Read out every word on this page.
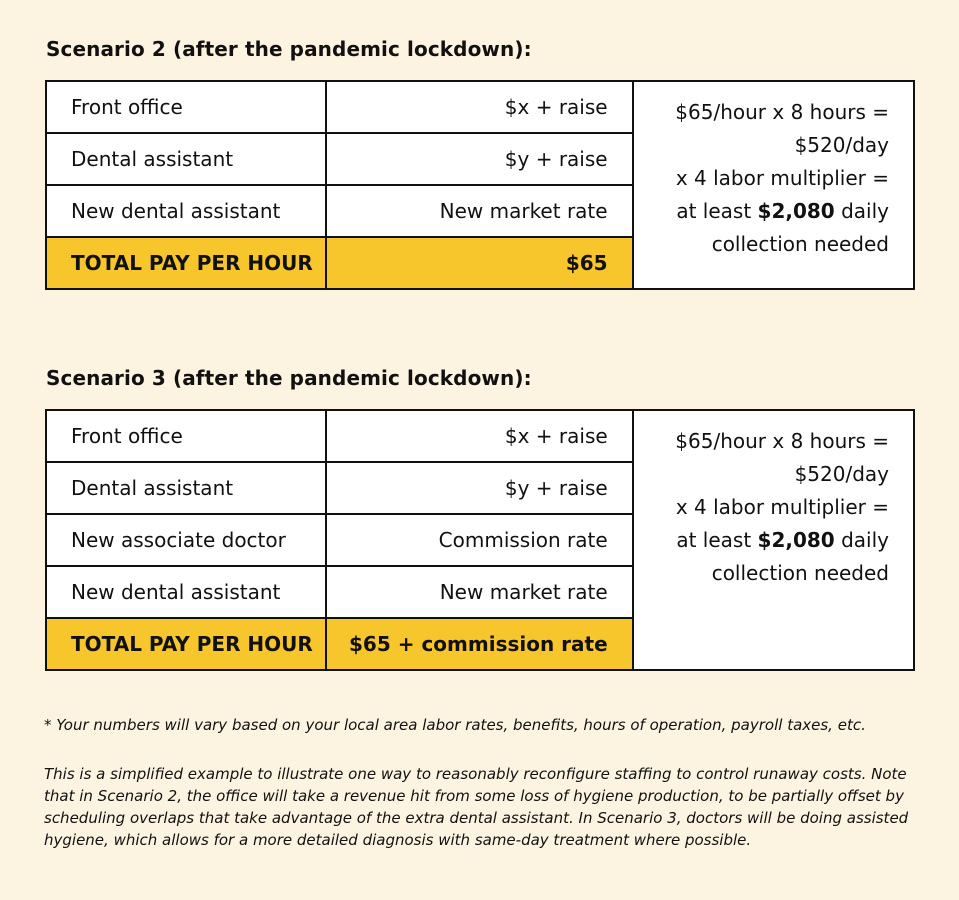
Scenario 2 (after the pandemic lockdown):
Front office	$x + raise	$65/hour x 8 hours =
$520/day
x 4 labor multiplier =
at least $2,080 daily
collection needed

Dental assistant	$y + raise	
New dental assistant	New market rate	
TOTAL PAY PER HOUR	$65	
Scenario 3 (after the pandemic lockdown):
Front office	$x + raise	$65/hour x 8 hours =
$520/day
x 4 labor multiplier =
at least $2,080 daily
collection needed

Dental assistant	$y + raise	
New associate doctor	Commission rate	
New dental assistant	New market rate	
TOTAL PAY PER HOUR	$65 + commission rate	
* Your numbers will vary based on your local area labor rates, benefits, hours of operation, payroll taxes, etc.
This is a simplified example to illustrate one way to reasonably reconfigure staffing to control runaway costs. Note that in Scenario 2, the office will take a revenue hit from some loss of hygiene production, to be partially offset by scheduling overlaps that take advantage of the extra dental assistant. In Scenario 3, doctors will be doing assisted hygiene, which allows for a more detailed diagnosis with same-day treatment where possible.
